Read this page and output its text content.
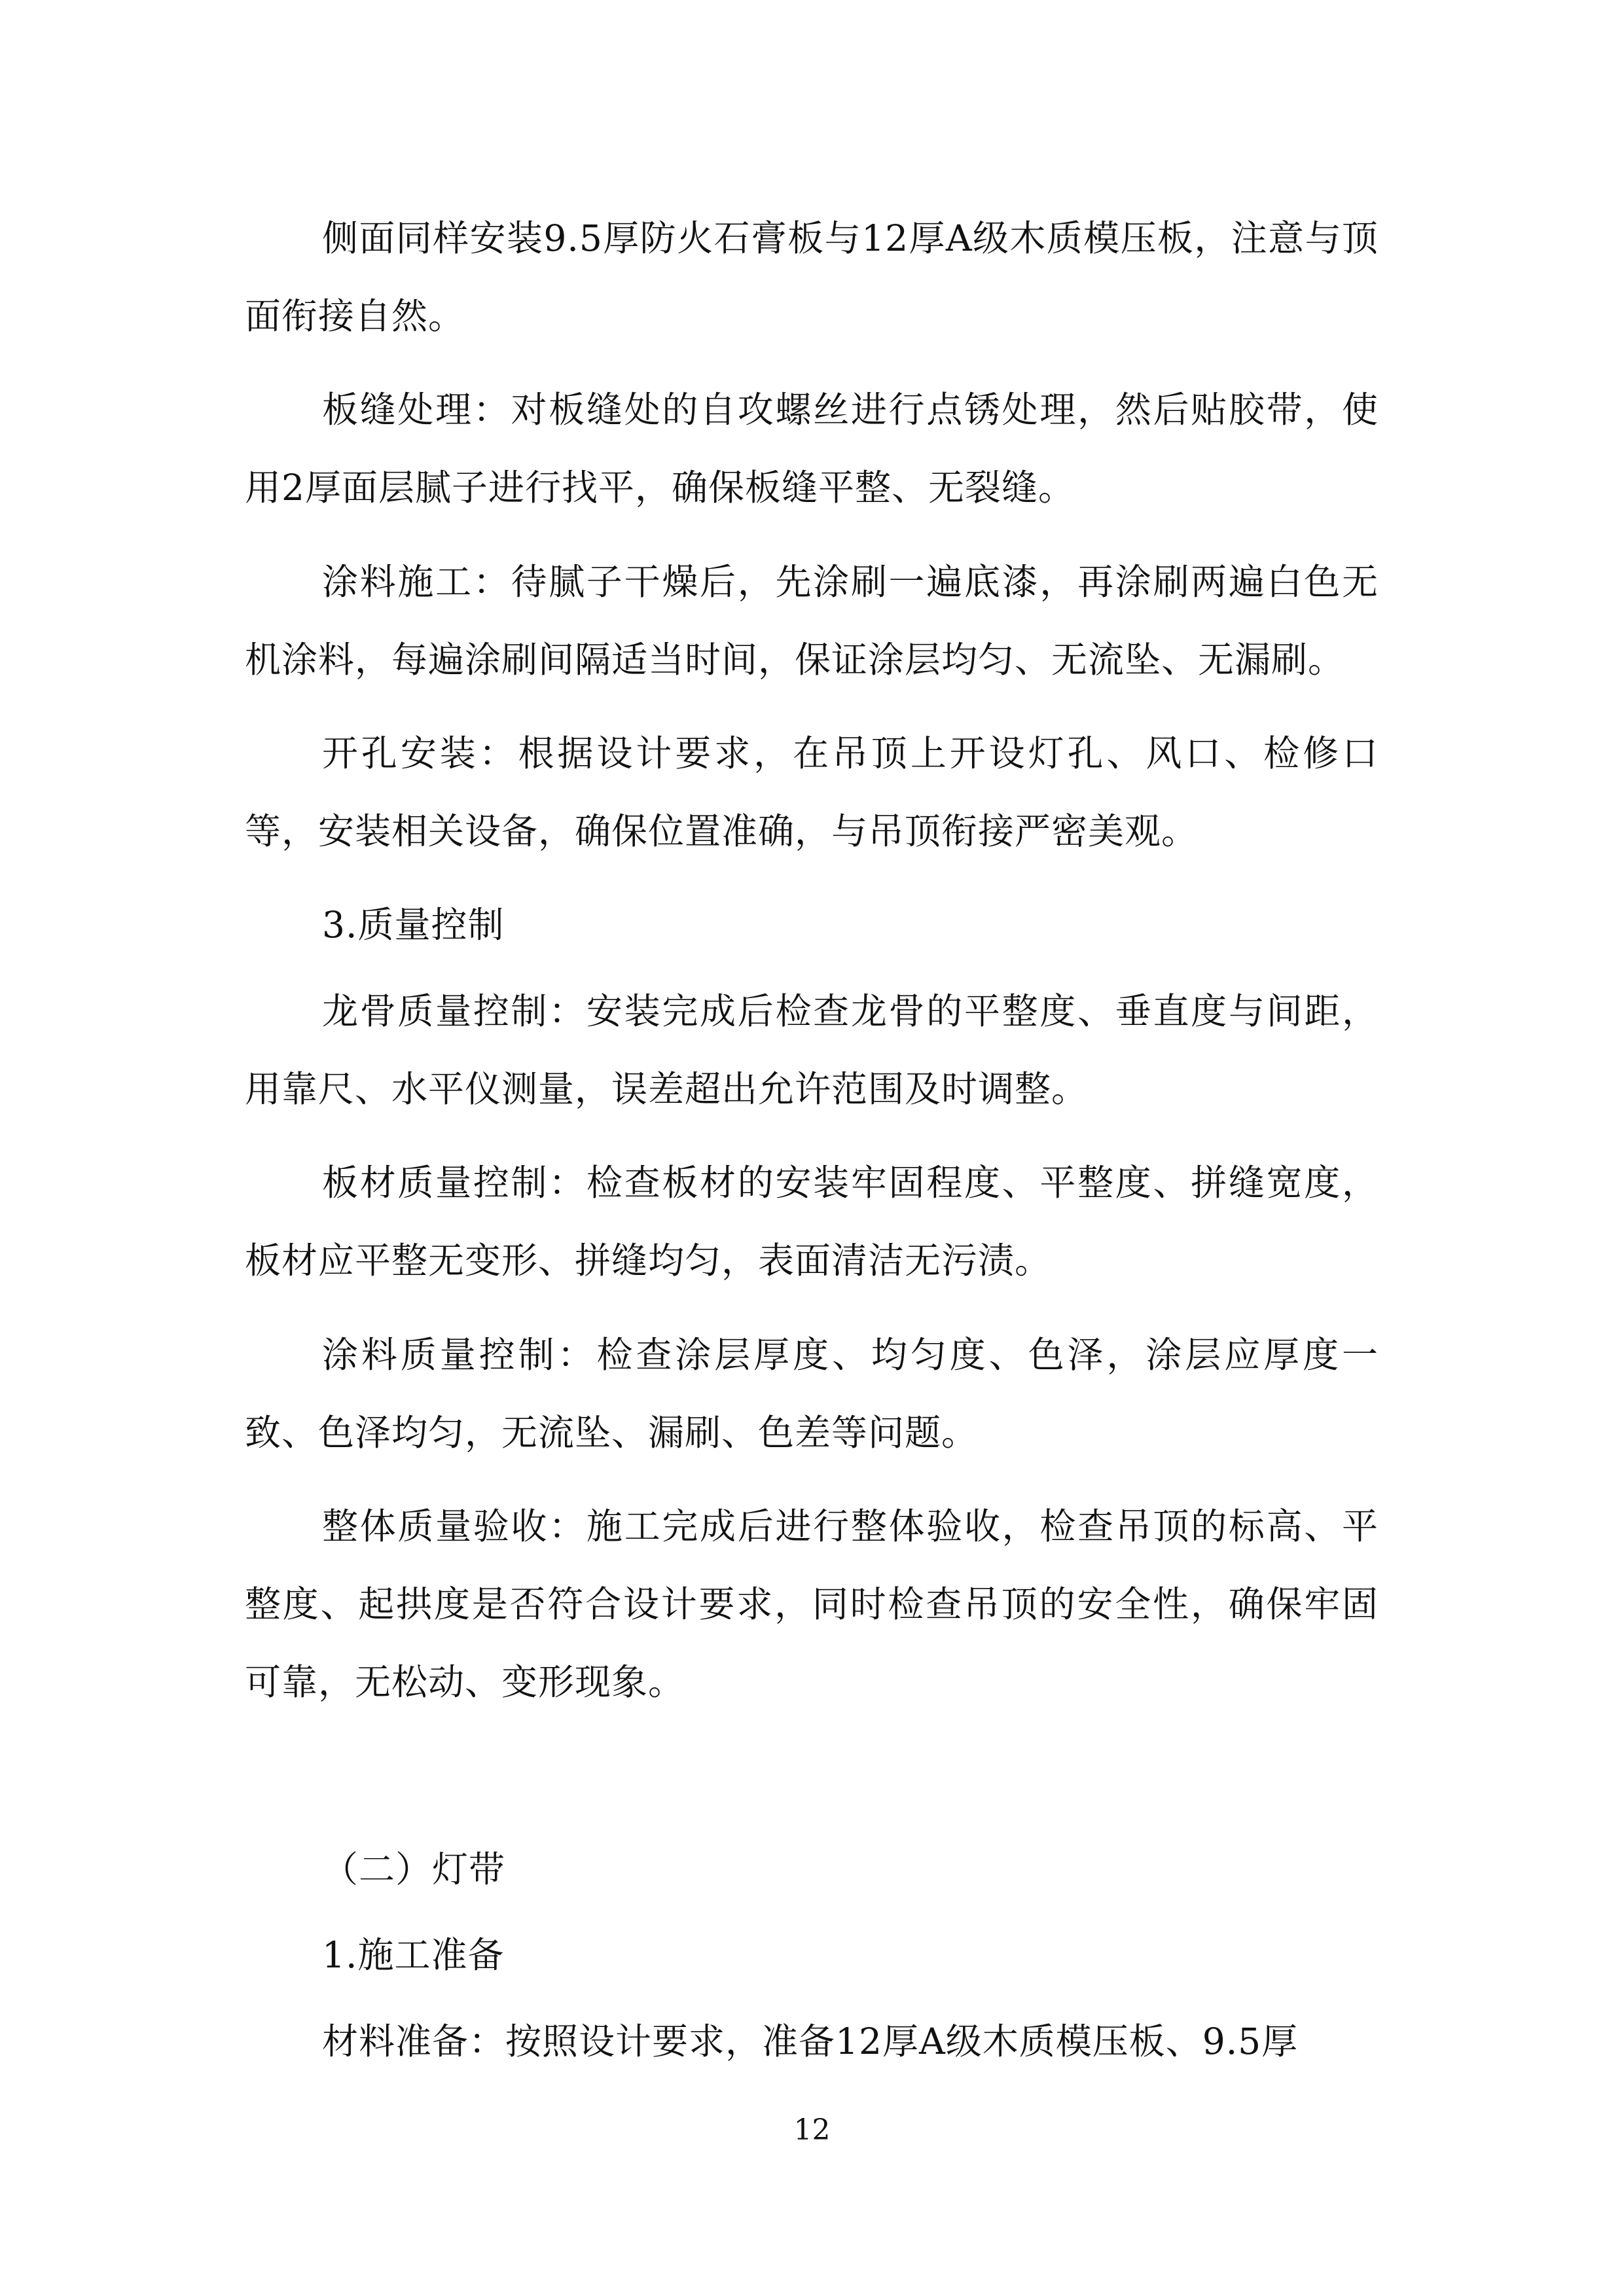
侧面同样安装9.5厚防火石膏板与12厚A级木质模压板，注意与顶面衔接自然。

板缝处理：对板缝处的自攻螺丝进行点锈处理，然后贴胶带，使用2厚面层腻子进行找平，确保板缝平整、无裂缝。

涂料施工：待腻子干燥后，先涂刷一遍底漆，再涂刷两遍白色无机涂料，每遍涂刷间隔适当时间，保证涂层均匀、无流坠、无漏刷。

开孔安装：根据设计要求，在吊顶上开设灯孔、风口、检修口等，安装相关设备，确保位置准确，与吊顶衔接严密美观。

3.质量控制

龙骨质量控制：安装完成后检查龙骨的平整度、垂直度与间距，用靠尺、水平仪测量，误差超出允许范围及时调整。

板材质量控制：检查板材的安装牢固程度、平整度、拼缝宽度，板材应平整无变形、拼缝均匀，表面清洁无污渍。

涂料质量控制：检查涂层厚度、均匀度、色泽，涂层应厚度一致、色泽均匀，无流坠、漏刷、色差等问题。

整体质量验收：施工完成后进行整体验收，检查吊顶的标高、平整度、起拱度是否符合设计要求，同时检查吊顶的安全性，确保牢固可靠，无松动、变形现象。

（二）灯带

1.施工准备

材料准备：按照设计要求，准备12厚A级木质模压板、9.5厚

12
